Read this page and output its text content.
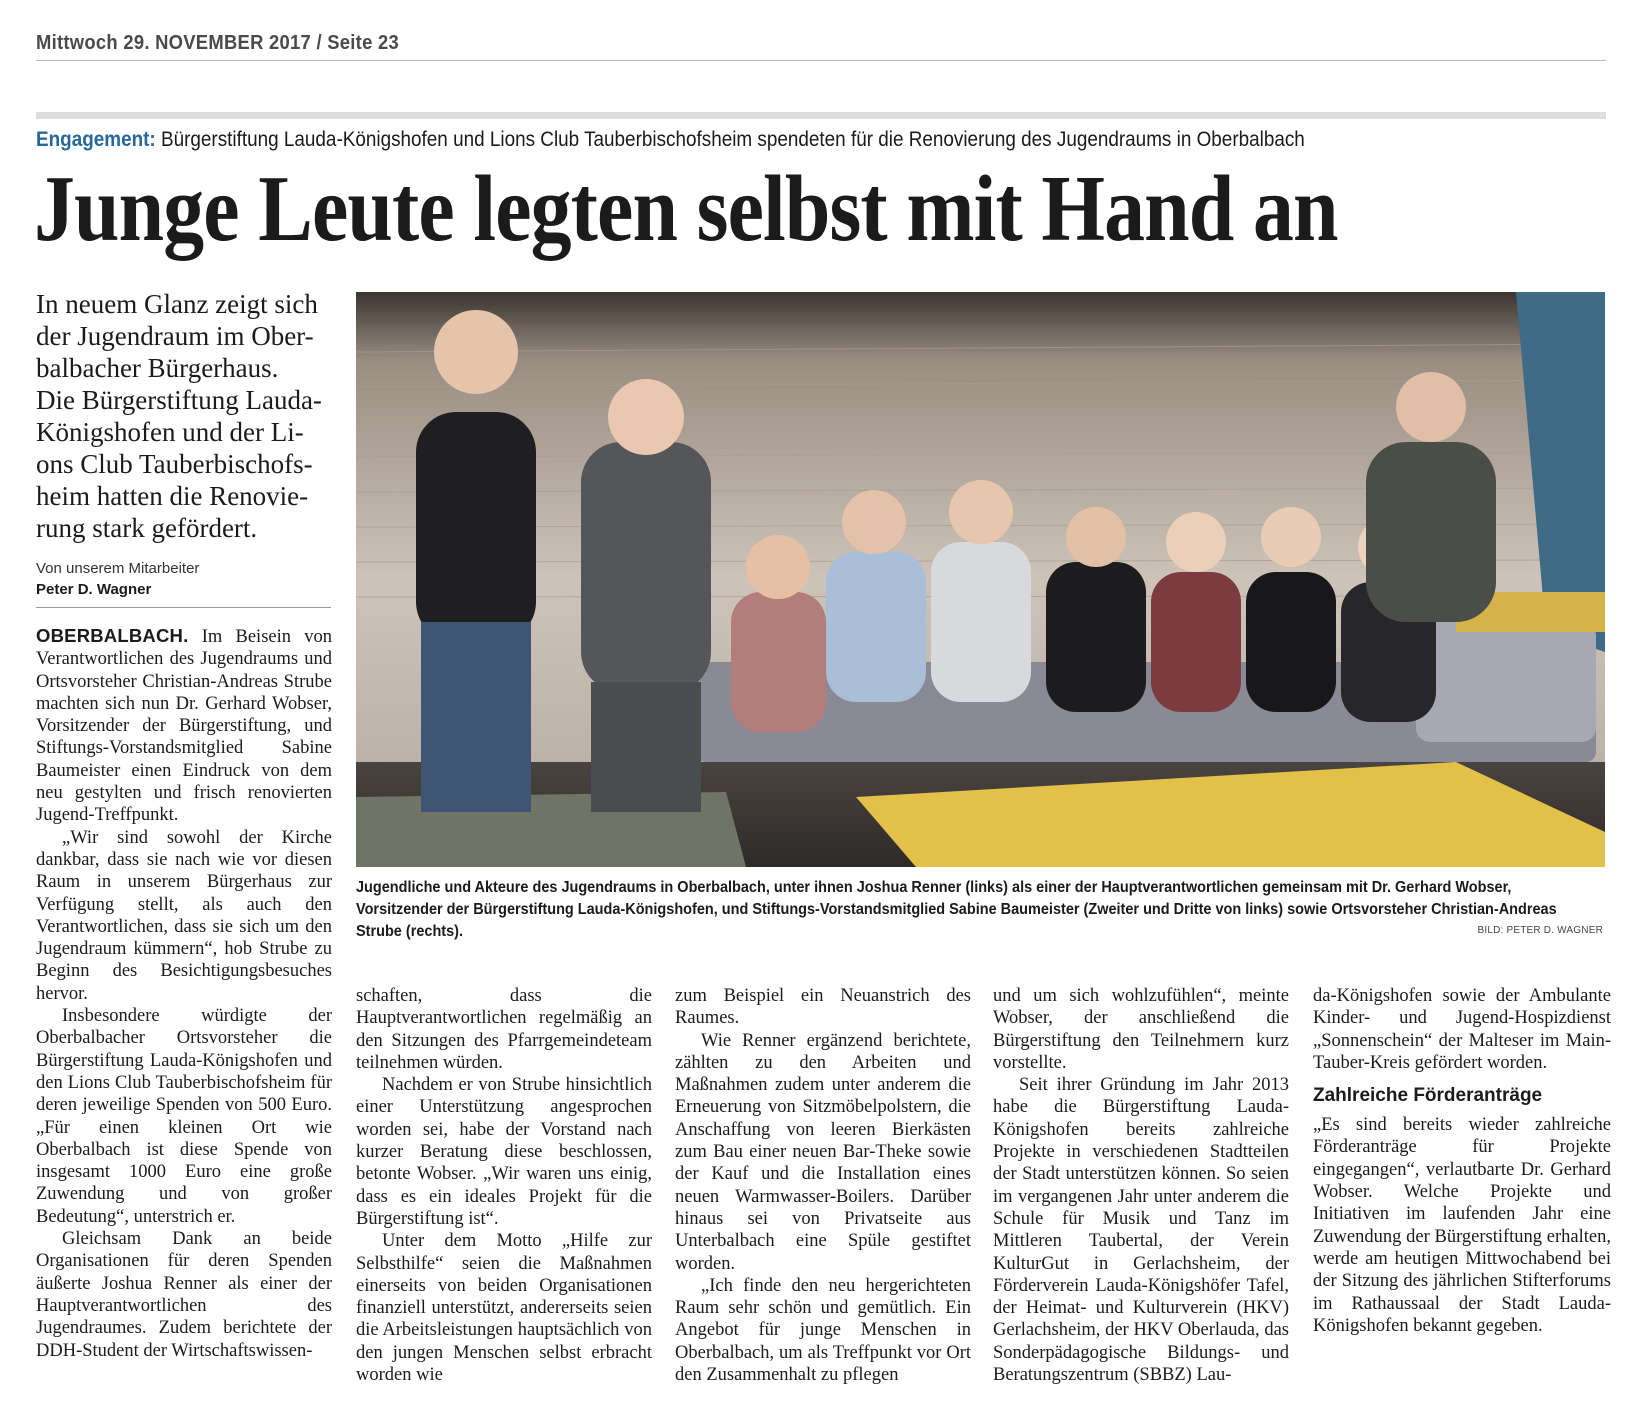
Mittwoch 29. NOVEMBER 2017 / Seite 23
Engagement: Bürgerstiftung Lauda-Königshofen und Lions Club Tauberbischofsheim spendeten für die Renovierung des Jugendraums in Oberbalbach
Junge Leute legten selbst mit Hand an
In neuem Glanz zeigt sich
der Jugendraum im Ober-
balbacher Bürgerhaus.
Die Bürgerstiftung Lauda-
Königshofen und der Li-
ons Club Tauberbischofs-
heim hatten die Renovie-
rung stark gefördert.
Von unserem Mitarbeiter
Peter D. Wagner
Jugendliche und Akteure des Jugendraums in Oberbalbach, unter ihnen Joshua Renner (links) als einer der Hauptverantwortlichen gemeinsam mit Dr. Gerhard Wobser,
Vorsitzender der Bürgerstiftung Lauda-Königshofen, und Stiftungs-Vorstandsmitglied Sabine Baumeister (Zweiter und Dritte von links) sowie Ortsvorsteher Christian-Andreas
Strube (rechts).	BILD: PETER D. WAGNER

OBERBALBACH. Im Beisein von Verantwortlichen des Jugendraums und Ortsvorsteher Christian-Andreas Strube machten sich nun Dr. Gerhard Wobser, Vorsitzender der Bürgerstiftung, und Stiftungs-Vorstandsmitglied Sabine Baumeister einen Eindruck von dem neu gestylten und frisch renovierten Jugend-Treffpunkt.

„Wir sind sowohl der Kirche dankbar, dass sie nach wie vor diesen Raum in unserem Bürgerhaus zur Verfügung stellt, als auch den Verantwortlichen, dass sie sich um den Jugendraum kümmern“, hob Strube zu Beginn des Besichtigungsbesuches hervor.

Insbesondere würdigte der Oberbalbacher Ortsvorsteher die Bürgerstiftung Lauda-Königshofen und den Lions Club Tauberbischofsheim für deren jeweilige Spenden von 500 Euro. „Für einen kleinen Ort wie Oberbalbach ist diese Spende von insgesamt 1000 Euro eine große Zuwendung und von großer Bedeutung“, unterstrich er.

Gleichsam Dank an beide Organisationen für deren Spenden äußerte Joshua Renner als einer der Hauptverantwortlichen des Jugendraumes. Zudem berichtete der DDH-Student der Wirtschaftswissen-

schaften, dass die Hauptverantwortlichen regelmäßig an den Sitzungen des Pfarrgemeindeteam teilnehmen würden.

Nachdem er von Strube hinsichtlich einer Unterstützung angesprochen worden sei, habe der Vorstand nach kurzer Beratung diese beschlossen, betonte Wobser. „Wir waren uns einig, dass es ein ideales Projekt für die Bürgerstiftung ist“.

Unter dem Motto „Hilfe zur Selbsthilfe“ seien die Maßnahmen einerseits von beiden Organisationen finanziell unterstützt, andererseits seien die Arbeitsleistungen hauptsächlich von den jungen Menschen selbst erbracht worden wie

zum Beispiel ein Neuanstrich des Raumes.

Wie Renner ergänzend berichtete, zählten zu den Arbeiten und Maßnahmen zudem unter anderem die Erneuerung von Sitzmöbelpolstern, die Anschaffung von leeren Bierkästen zum Bau einer neuen Bar-Theke sowie der Kauf und die Installation eines neuen Warmwasser-Boilers. Darüber hinaus sei von Privatseite aus Unterbalbach eine Spüle gestiftet worden.

„Ich finde den neu hergerichteten Raum sehr schön und gemütlich. Ein Angebot für junge Menschen in Oberbalbach, um als Treffpunkt vor Ort den Zusammenhalt zu pflegen

und um sich wohlzufühlen“, meinte Wobser, der anschließend die Bürgerstiftung den Teilnehmern kurz vorstellte.

Seit ihrer Gründung im Jahr 2013 habe die Bürgerstiftung Lauda-Königshofen bereits zahlreiche Projekte in verschiedenen Stadtteilen der Stadt unterstützen können. So seien im vergangenen Jahr unter anderem die Schule für Musik und Tanz im Mittleren Taubertal, der Verein KulturGut in Gerlachsheim, der Förderverein Lauda-Königshöfer Tafel, der Heimat- und Kulturverein (HKV) Gerlachsheim, der HKV Oberlauda, das Sonderpädagogische Bildungs- und Beratungszentrum (SBBZ) Lau-

da-Königshofen sowie der Ambulante Kinder- und Jugend-Hospizdienst „Sonnenschein“ der Malteser im Main-Tauber-Kreis gefördert worden.

Zahlreiche Förderanträge

„Es sind bereits wieder zahlreiche Förderanträge für Projekte eingegangen“, verlautbarte Dr. Gerhard Wobser. Welche Projekte und Initiativen im laufenden Jahr eine Zuwendung der Bürgerstiftung erhalten, werde am heutigen Mittwochabend bei der Sitzung des jährlichen Stifterforums im Rathaussaal der Stadt Lauda-Königshofen bekannt gegeben.
